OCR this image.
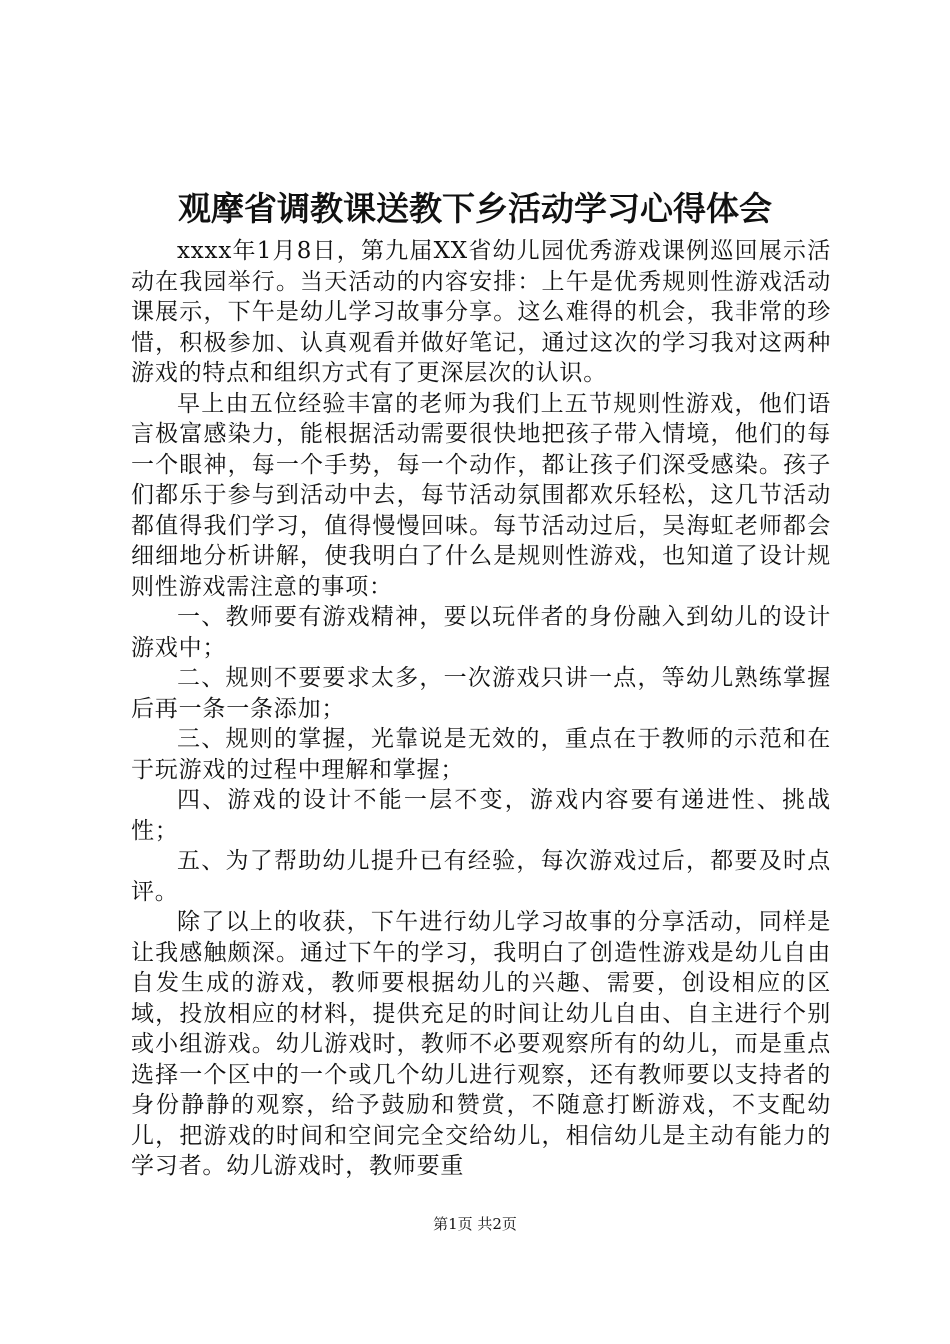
观摩省调教课送教下乡活动学习心得体会

xxxx年1月8日，第九届XX省幼儿园优秀游戏课例巡回展示活动在我园举行。当天活动的内容安排：上午是优秀规则性游戏活动课展示，下午是幼儿学习故事分享。这么难得的机会，我非常的珍惜，积极参加、认真观看并做好笔记，通过这次的学习我对这两种游戏的特点和组织方式有了更深层次的认识。

早上由五位经验丰富的老师为我们上五节规则性游戏，他们语言极富感染力，能根据活动需要很快地把孩子带入情境，他们的每一个眼神，每一个手势，每一个动作，都让孩子们深受感染。孩子们都乐于参与到活动中去，每节活动氛围都欢乐轻松，这几节活动都值得我们学习，值得慢慢回味。每节活动过后，吴海虹老师都会细细地分析讲解，使我明白了什么是规则性游戏，也知道了设计规则性游戏需注意的事项：

一、教师要有游戏精神，要以玩伴者的身份融入到幼儿的设计游戏中；

二、规则不要要求太多，一次游戏只讲一点，等幼儿熟练掌握后再一条一条添加；

三、规则的掌握，光靠说是无效的，重点在于教师的示范和在于玩游戏的过程中理解和掌握；

四、游戏的设计不能一层不变，游戏内容要有递进性、挑战性；

五、为了帮助幼儿提升已有经验，每次游戏过后，都要及时点评。

除了以上的收获，下午进行幼儿学习故事的分享活动，同样是让我感触颇深。通过下午的学习，我明白了创造性游戏是幼儿自由自发生成的游戏，教师要根据幼儿的兴趣、需要，创设相应的区域，投放相应的材料，提供充足的时间让幼儿自由、自主进行个别或小组游戏。幼儿游戏时，教师不必要观察所有的幼儿，而是重点选择一个区中的一个或几个幼儿进行观察，还有教师要以支持者的身份静静的观察，给予鼓励和赞赏，不随意打断游戏，不支配幼儿，把游戏的时间和空间完全交给幼儿，相信幼儿是主动有能力的学习者。幼儿游戏时，教师要重

第1页 共2页
